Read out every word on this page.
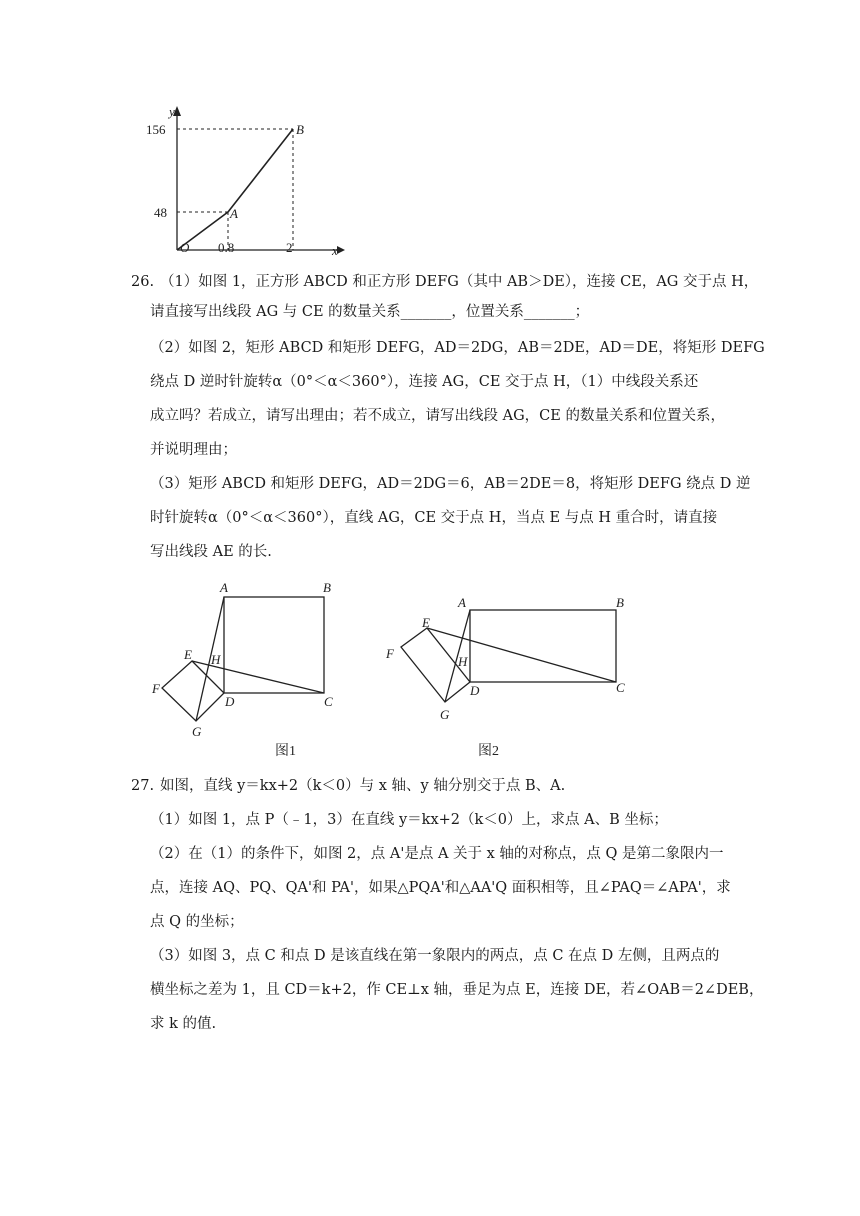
y
x
O
A
B
156
48
0.8	2
26. （1）如图 1，正方形 ABCD 和正方形 DEFG（其中 AB＞DE），连接 CE，AG 交于点 H，
请直接写出线段 AG 与 CE 的数量关系_______，位置关系_______；
（2）如图 2，矩形 ABCD 和矩形 DEFG，AD＝2DG，AB＝2DE，AD＝DE，将矩形 DEFG
绕点 D 逆时针旋转α（0°＜α＜360°），连接 AG，CE 交于点 H，（1）中线段关系还
成立吗？若成立，请写出理由；若不成立，请写出线段 AG，CE 的数量关系和位置关系，
并说明理由；
（3）矩形 ABCD 和矩形 DEFG，AD＝2DG＝6，AB＝2DE＝8，将矩形 DEFG 绕点 D 逆
时针旋转α（0°＜α＜360°），直线 AG，CE 交于点 H，当点 E 与点 H 重合时，请直接
写出线段 AE 的长.
A	B
C
D
E
F
G
H
A	B
C
D
E
F
G
H
图1	图2
27. 如图，直线 y＝kx+2（k＜0）与 x 轴、y 轴分别交于点 B、A.
（1）如图 1，点 P（﹣1，3）在直线 y＝kx+2（k＜0）上，求点 A、B 坐标；
（2）在（1）的条件下，如图 2，点 A'是点 A 关于 x 轴的对称点，点 Q 是第二象限内一
点，连接 AQ、PQ、QA'和 PA'，如果△PQA'和△AA'Q 面积相等，且∠PAQ＝∠APA'，求
点 Q 的坐标；
（3）如图 3，点 C 和点 D 是该直线在第一象限内的两点，点 C 在点 D 左侧，且两点的
横坐标之差为 1，且 CD＝k+2，作 CE⊥x 轴，垂足为点 E，连接 DE，若∠OAB＝2∠DEB，
求 k 的值.
